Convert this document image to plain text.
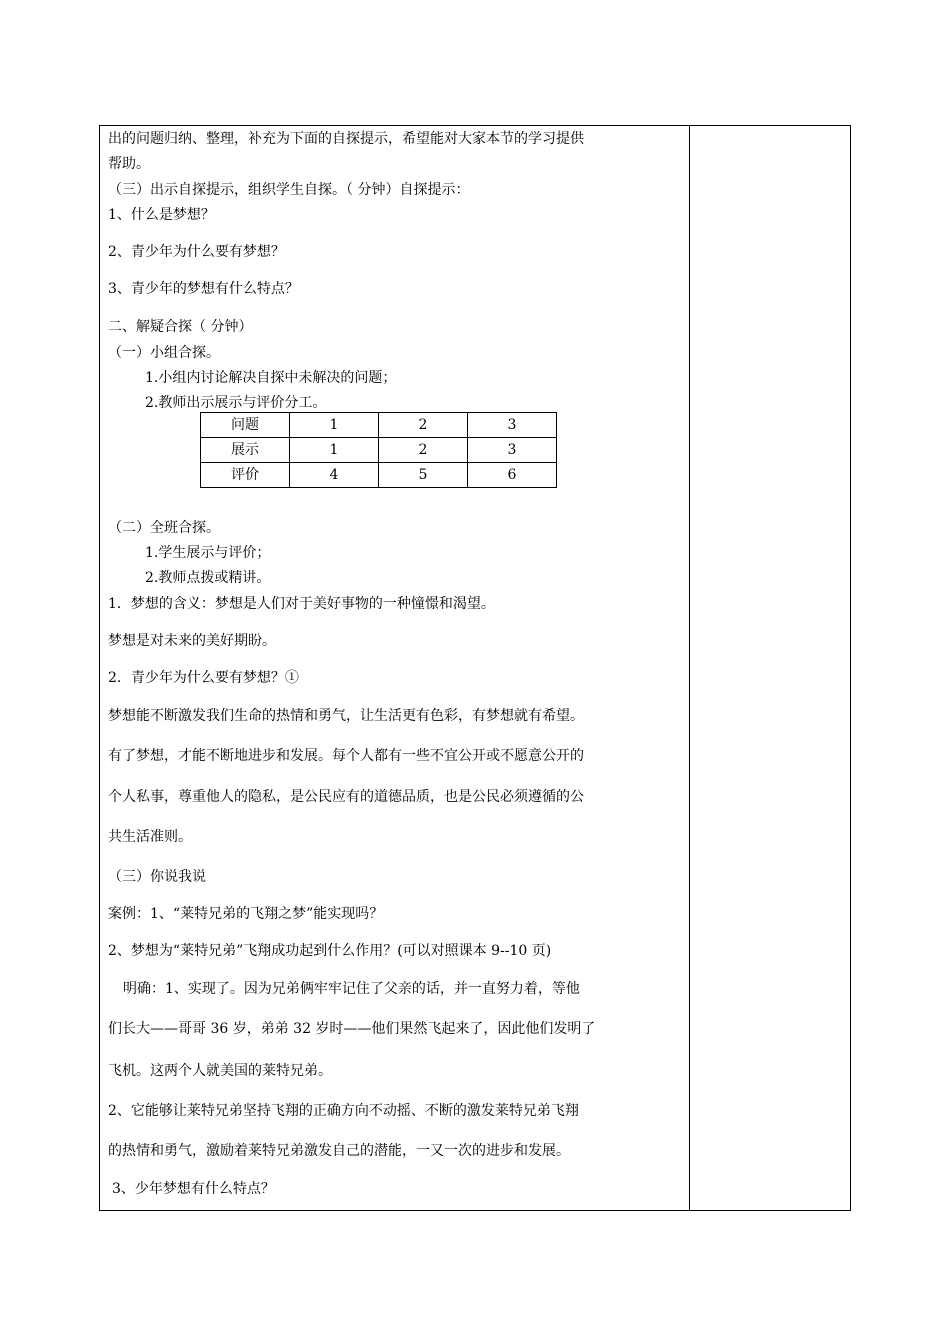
出的问题归纳、整理，补充为下面的自探提示，希望能对大家本节的学习提供
帮助。
（三）出示自探提示，组织学生自探。（ 分钟）自探提示：
1、什么是梦想？
2、青少年为什么要有梦想？
3、青少年的梦想有什么特点？
二、解疑合探（ 分钟）
（一）小组合探。
1.小组内讨论解决自探中未解决的问题；
2.教师出示展示与评价分工。
问题	1	2	3
展示	1	2	3
评价	4	5	6
（二）全班合探。
1.学生展示与评价；
2.教师点拨或精讲。
1．梦想的含义：梦想是人们对于美好事物的一种憧憬和渴望。
梦想是对未来的美好期盼。
2．青少年为什么要有梦想？①
梦想能不断激发我们生命的热情和勇气，让生活更有色彩，有梦想就有希望。
有了梦想，才能不断地进步和发展。每个人都有一些不宜公开或不愿意公开的
个人私事，尊重他人的隐私，是公民应有的道德品质，也是公民必须遵循的公
共生活准则。
（三）你说我说
案例：1、“莱特兄弟的飞翔之梦”能实现吗？
2、梦想为“莱特兄弟”飞翔成功起到什么作用？(可以对照课本 9--10 页)
明确：1、实现了。因为兄弟俩牢牢记住了父亲的话，并一直努力着，等他
们长大——哥哥 36 岁，弟弟 32 岁时——他们果然飞起来了，因此他们发明了
飞机。这两个人就美国的莱特兄弟。
2、它能够让莱特兄弟坚持飞翔的正确方向不动摇、不断的激发莱特兄弟飞翔
的热情和勇气，激励着莱特兄弟激发自己的潜能，一又一次的进步和发展。
3、少年梦想有什么特点？
